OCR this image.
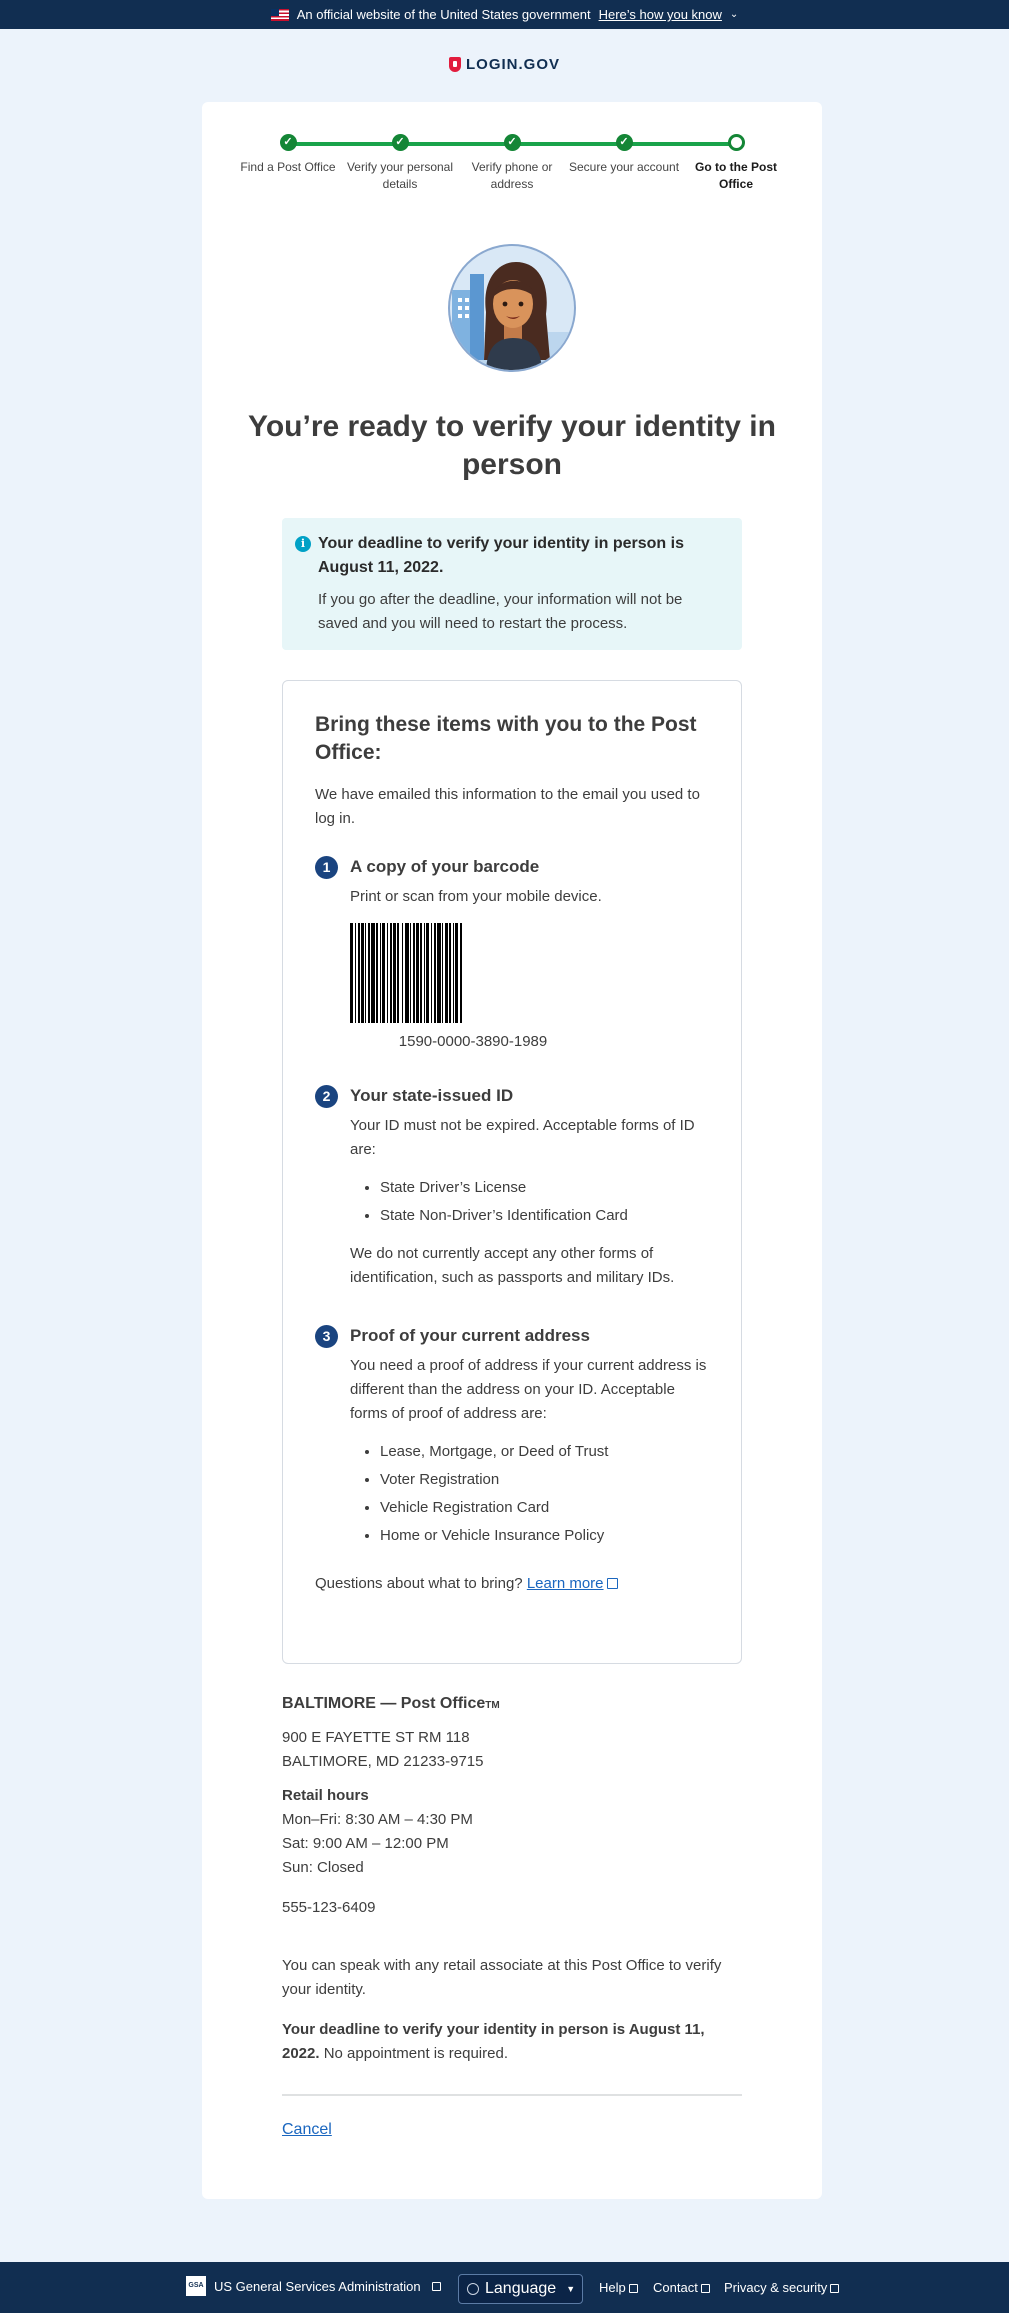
An official website of the United States government Here’s how you know ⌄
LOGIN.GOV
✓
Find a Post Office
✓
Verify your personal details
✓
Verify phone or address
✓
Secure your account	Go to the Post Office
You’re ready to verify your identity in person
i Your deadline to verify your identity in person is August 11, 2022.
If you go after the deadline, your information will not be saved and you will need to restart the process.
Bring these items with you to the Post Office:

We have emailed this information to the email you used to log in.

1	A copy of your barcode

Print or scan from your mobile device.

1590-0000-3890-1989
2	Your state-issued ID

Your ID must not be expired. Acceptable forms of ID are:

• State Driver’s License
• State Non-Driver’s Identification Card

We do not currently accept any other forms of identification, such as passports and military IDs.

3	Proof of your current address

You need a proof of address if your current address is different than the address on your ID. Acceptable forms of proof of address are:

• Lease, Mortgage, or Deed of Trust
• Voter Registration
• Vehicle Registration Card
• Home or Vehicle Insurance Policy

Questions about what to bring? Learn more

BALTIMORE — Post OfficeTM
900 E FAYETTE ST RM 118
BALTIMORE, MD 21233-9715
Retail hours
Mon–Fri: 8:30 AM – 4:30 PM
Sat: 9:00 AM – 12:00 PM
Sun: Closed
555-123-6409
You can speak with any retail associate at this Post Office to verify your identity.
Your deadline to verify your identity in person is August 11, 2022. No appointment is required.
Cancel
GSA US General Services Administration	Language ▼ Help	Contact	Privacy & security
